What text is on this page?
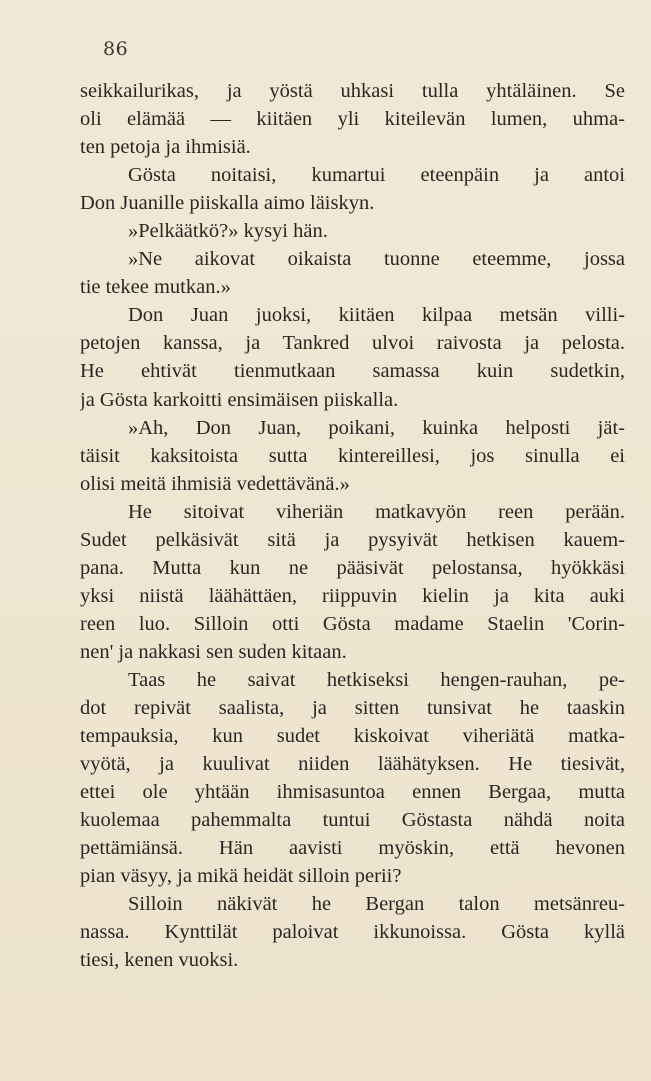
86
seikkailurikas, ja yöstä uhkasi tulla yhtäläinen. Se
oli elämää — kiitäen yli kiteilevän lumen, uhma-
ten petoja ja ihmisiä.
Gösta noitaisi, kumartui eteenpäin ja antoi
Don Juanille piiskalla aimo läiskyn.
»Pelkäätkö?» kysyi hän.
»Ne aikovat oikaista tuonne eteemme, jossa
tie tekee mutkan.»
Don Juan juoksi, kiitäen kilpaa metsän villi-
petojen kanssa, ja Tankred ulvoi raivosta ja pelosta.
He ehtivät tienmutkaan samassa kuin sudetkin,
ja Gösta karkoitti ensimäisen piiskalla.
»Ah, Don Juan, poikani, kuinka helposti jät-
täisit kaksitoista sutta kintereillesi, jos sinulla ei
olisi meitä ihmisiä vedettävänä.»
He sitoivat viheriän matkavyön reen perään.
Sudet pelkäsivät sitä ja pysyivät hetkisen kauem-
pana. Mutta kun ne pääsivät pelostansa, hyökkäsi
yksi niistä läähättäen, riippuvin kielin ja kita auki
reen luo. Silloin otti Gösta madame Staelin 'Corin-
nen' ja nakkasi sen suden kitaan.
Taas he saivat hetkiseksi hengen-rauhan, pe-
dot repivät saalista, ja sitten tunsivat he taaskin
tempauksia, kun sudet kiskoivat viheriätä matka-
vyötä, ja kuulivat niiden läähätyksen. He tiesivät,
ettei ole yhtään ihmisasuntoa ennen Bergaa, mutta
kuolemaa pahemmalta tuntui Göstasta nähdä noita
pettämiänsä. Hän aavisti myöskin, että hevonen
pian väsyy, ja mikä heidät silloin perii?
Silloin näkivät he Bergan talon metsänreu-
nassa. Kynttilät paloivat ikkunoissa. Gösta kyllä
tiesi, kenen vuoksi.
